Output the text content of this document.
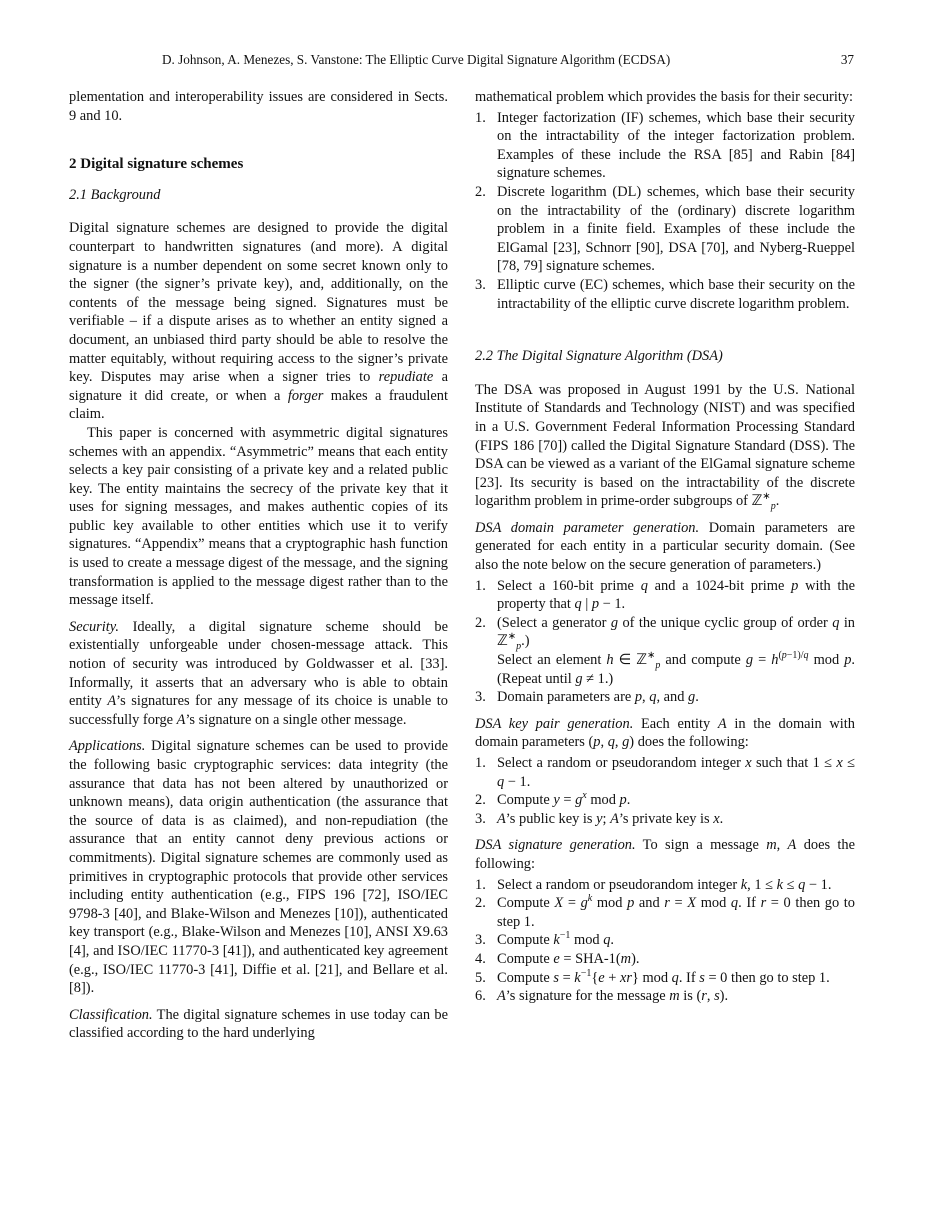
D. Johnson, A. Menezes, S. Vanstone: The Elliptic Curve Digital Signature Algorithm (ECDSA)	37

plementation and interoperability issues are considered in Sects. 9 and 10.

2 Digital signature schemes
2.1 Background

Digital signature schemes are designed to provide the digital counterpart to handwritten signatures (and more). A digital signature is a number dependent on some secret known only to the signer (the signer’s private key), and, additionally, on the contents of the message being signed. Signatures must be verifiable – if a dispute arises as to whether an entity signed a document, an unbiased third party should be able to resolve the matter equitably, without requiring access to the signer’s private key. Disputes may arise when a signer tries to repudiate a signature it did create, or when a forger makes a fraudulent claim.

This paper is concerned with asymmetric digital signatures schemes with an appendix. “Asymmetric” means that each entity selects a key pair consisting of a private key and a related public key. The entity maintains the secrecy of the private key that it uses for signing messages, and makes authentic copies of its public key available to other entities which use it to verify signatures. “Appendix” means that a cryptographic hash function is used to create a message digest of the message, and the signing transformation is applied to the message digest rather than to the message itself.

Security. Ideally, a digital signature scheme should be existentially unforgeable under chosen-message attack. This notion of security was introduced by Goldwasser et al. [33]. Informally, it asserts that an adversary who is able to obtain entity A’s signatures for any message of its choice is unable to successfully forge A’s signature on a single other message.

Applications. Digital signature schemes can be used to provide the following basic cryptographic services: data integrity (the assurance that data has not been altered by unauthorized or unknown means), data origin authentication (the assurance that the source of data is as claimed), and non-repudiation (the assurance that an entity cannot deny previous actions or commitments). Digital signature schemes are commonly used as primitives in cryptographic protocols that provide other services including entity authentication (e.g., FIPS 196 [72], ISO/IEC 9798-3 [40], and Blake-Wilson and Menezes [10]), authenticated key transport (e.g., Blake-Wilson and Menezes [10], ANSI X9.63 [4], and ISO/IEC 11770-3 [41]), and authenticated key agreement (e.g., ISO/IEC 11770-3 [41], Diffie et al. [21], and Bellare et al. [8]).

Classification. The digital signature schemes in use today can be classified according to the hard underlying

mathematical problem which provides the basis for their security:

1. Integer factorization (IF) schemes, which base their security on the intractability of the integer factorization problem. Examples of these include the RSA [85] and Rabin [84] signature schemes.
2. Discrete logarithm (DL) schemes, which base their security on the intractability of the (ordinary) discrete logarithm problem in a finite field. Examples of these include the ElGamal [23], Schnorr [90], DSA [70], and Nyberg-Rueppel [78, 79] signature schemes.
3. Elliptic curve (EC) schemes, which base their security on the intractability of the elliptic curve discrete logarithm problem.
2.2 The Digital Signature Algorithm (DSA)

The DSA was proposed in August 1991 by the U.S. National Institute of Standards and Technology (NIST) and was specified in a U.S. Government Federal Information Processing Standard (FIPS 186 [70]) called the Digital Signature Standard (DSS). The DSA can be viewed as a variant of the ElGamal signature scheme [23]. Its security is based on the intractability of the discrete logarithm problem in prime-order subgroups of ℤ∗$_p$.

DSA domain parameter generation. Domain parameters are generated for each entity in a particular security domain. (See also the note below on the secure generation of parameters.)

1. Select a 160-bit prime q and a 1024-bit prime p with the property that q | p − 1.
2. (Select a generator g of the unique cyclic group of order q in ℤ∗$_p$.)
Select an element h ∈ ℤ∗$_p$ and compute $g = h^{(p-1)/q}$ mod p. (Repeat until g ≠ 1.)
3. Domain parameters are p, q, and g.

DSA key pair generation. Each entity A in the domain with domain parameters (p, q, g) does the following:

1. Select a random or pseudorandom integer x such that 1 ≤ x ≤ q − 1.
2. Compute $y = g^x$ mod p.
3. A’s public key is y; A’s private key is x.

DSA signature generation. To sign a message m, A does the following:

1. Select a random or pseudorandom integer k, 1 ≤ k ≤ q − 1.
2. Compute $X = g^k$ mod p and r = X mod q. If r = 0 then go to step 1.
3. Compute $k^{-1}$ mod q.
4. Compute e = SHA-1(m).
5. Compute $s = k^{-1}\{e + xr\}$ mod q. If s = 0 then go to step 1.
6. A’s signature for the message m is (r, s).
